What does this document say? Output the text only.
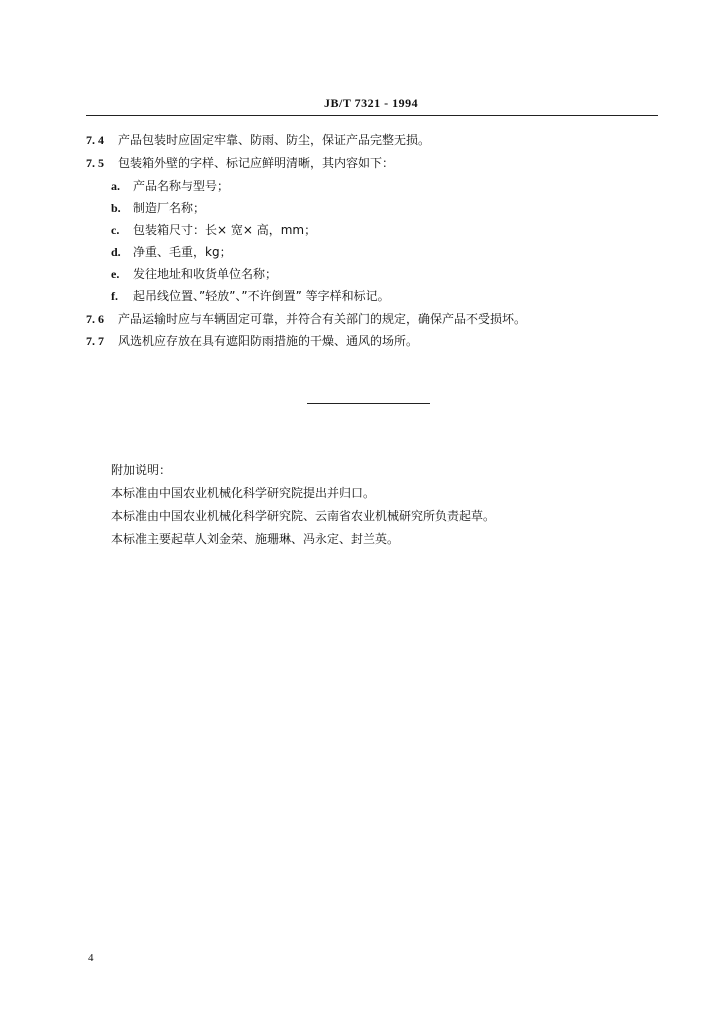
JB/T 7321 - 1994
7. 4 产品包装时应固定牢靠、防雨、防尘，保证产品完整无损。
7. 5 包装箱外壁的字样、标记应鲜明清晰，其内容如下：
a. 产品名称与型号；
b. 制造厂名称；
c. 包装箱尺寸：长× 宽× 高，mm；
d. 净重、毛重，kg；
e. 发往地址和收货单位名称；
f. 起吊线位置、”轻放”、”不许倒置” 等字样和标记。
7. 6 产品运输时应与车辆固定可靠，并符合有关部门的规定，确保产品不受损坏。
7. 7 风选机应存放在具有遮阳防雨措施的干燥、通风的场所。
附加说明：
本标准由中国农业机械化科学研究院提出并归口。
本标准由中国农业机械化科学研究院、云南省农业机械研究所负责起草。
本标准主要起草人刘金荣、施珊琳、冯永定、封兰英。
4
